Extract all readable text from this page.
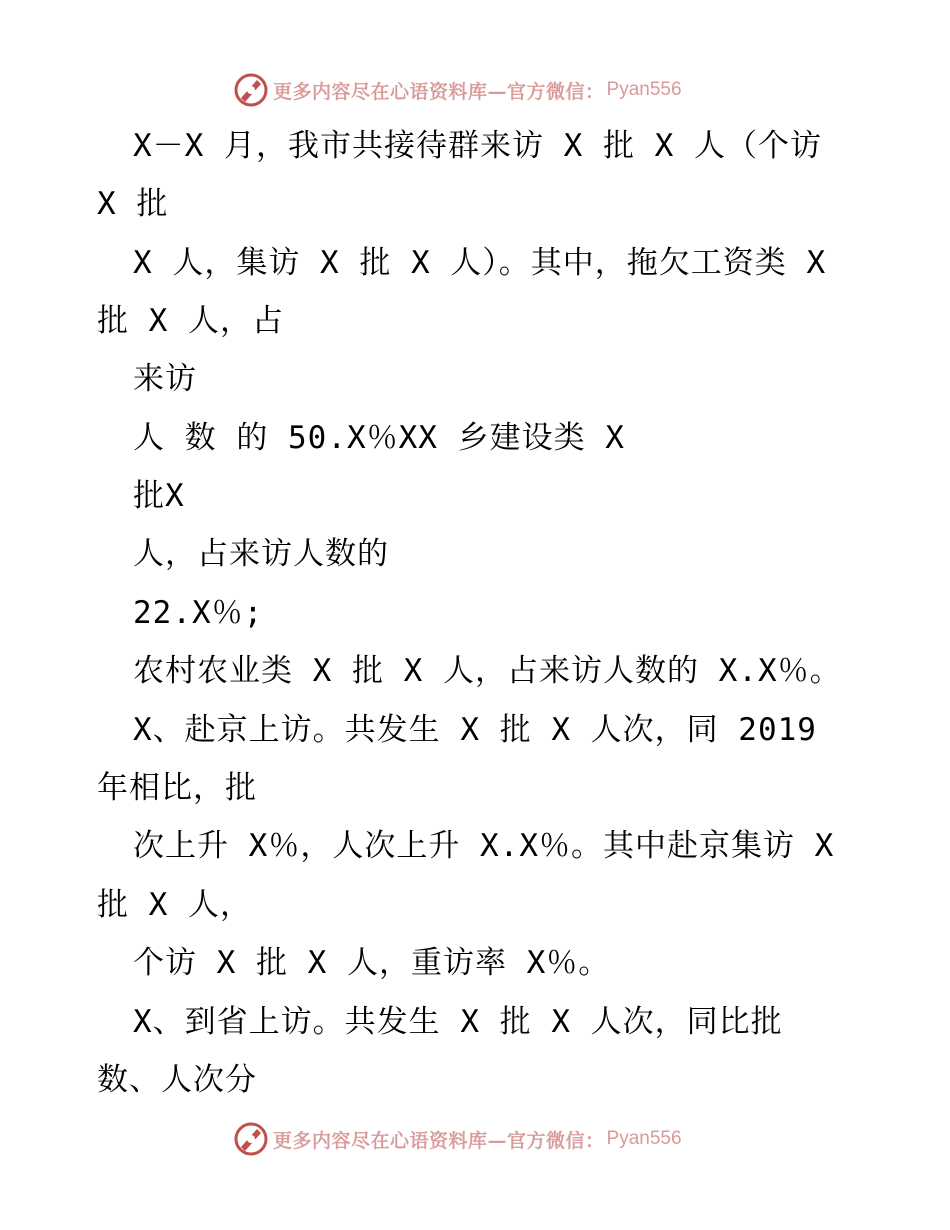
更多内容尽在心语资料库—官方微信： Pyan556
X－X 月，我市共接待群来访 X 批 X 人（个访
X 批
X 人，集访 X 批 X 人）。其中，拖欠工资类 X
批 X 人，占
来访
人 数 的 50.X％XX 乡建设类 X
批X
人，占来访人数的
22.X％;
农村农业类 X 批 X 人，占来访人数的 X.X％。
X、赴京上访。共发生 X 批 X 人次，同 2019
年相比，批
次上升 X％，人次上升 X.X％。其中赴京集访 X
批 X 人，
个访 X 批 X 人，重访率 X％。
X、到省上访。共发生 X 批 X 人次，同比批
数、人次分
更多内容尽在心语资料库—官方微信： Pyan556
